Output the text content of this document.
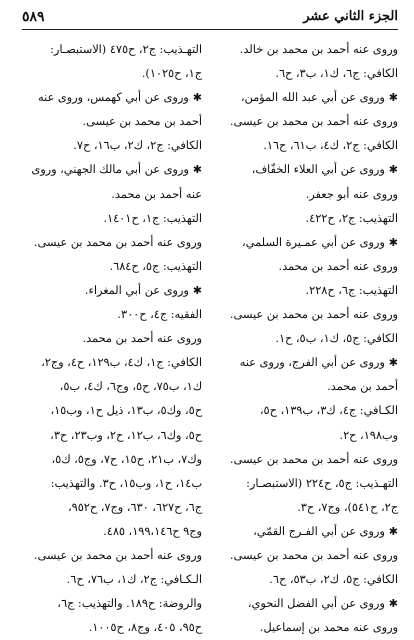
الجزء الثاني عشر
٥٨٩
وروى عنه أحمد بن محمد بن خالد.
الكافي: ج٦، ك١، ب٣، ح٦.
✱وروى عن أبي عبد الله المؤمن،
وروى عنه أحمد بن محمد بن عيسى.
الكافي: ج٢، ك٤، ب٦١، ح١٦.
✱وروى عن أبي العلاء الخفّاف،
وروى عنه أبو جعفر.
التهذيب: ج٢، ح٤٢٢.
✱وروى عن أبي عمـيرة السلمي،
وروى عنه أحمد بن محمد.
التهذيب: ج٦، ح٢٢٨.
وروى عنه أحمد بن محمد بن عيسى.
الكافي: ج٥، ك١، ب٥، ح١.
✱وروى عن أبي الفرج، وروى عنه
أحمد بن محمد.
الكـافي: ج٤، ك٣، ب١٣٩، ح٥،
وب١٩٨، ح٢.
وروى عنه أحمد بن محمد بن عيسى.
التهـذيب: ج٥، ح٢٢٤ (الاستبصـار:
ج٢، ح٥٤١)، وج٧، ح٣.
✱وروى عن أبي الفـرج القمّي،
وروى عنه أحمد بن محمد بن عيسى.
الكافي: ج٥، ك٢، ب٥٣، ح٦.
✱وروى عن أبي الفضل النحوي،
وروى عنه محمد بن إسماعيل.
التهـذيب: ج٢، ح٤٧٥ (الاستبصـار:
ج١، ح١٠٢٥).
✱وروى عن أبي كهمس، وروى عنه
أحمد بن محمد بن عيسى.
الكافي: ج٢، ك٢، ب١٦، ح٧.
✱وروى عن أبي مالك الجهني، وروى
عنه أحمد بن محمد.
التهذيب: ج١، ح١٤٠١.
وروى عنه أحمد بن محمد بن عيسى.
التهذيب: ج٥، ح٦٨٤.
✱وروى عن أبي المغراء.
الفقيه: ج٤، ح٣٠٠.
وروى عنه أحمد بن محمد.
الكافي: ج١، ك٤، ب١٢٩، ح٤، وج٢،
ك١، ب٧٥، ح٥، وج٦، ك٤، ب٥،
ح٥، وك٥، ب١٣، ذيل ح١، وب١٥،
ح٥، وك٦، ب١٢، ح٢، وب٢٣، ح٣،
وك٧، ب٢١، ح١٥، ح٧، وج٥، ك٥،
ب١٤، ح١، وب١٥، ح٣. والتهذيب:
ج٦، ح٦٢٧، ٦٣٠، وج٧، ح٩٥٢،
وج٩ ح١٩٩،١٤٦، ٤٨٥.
وروى عنه أحمد بن محمد بن عيسى.
الـكـافي: ج٢، ك١، ب٧٦، ح٦.
والروضة: ح١٨٩. والتهذيب: ج٦،
ح٩٥، ٤٠٥، وج٨، ح١٠٠٥.
